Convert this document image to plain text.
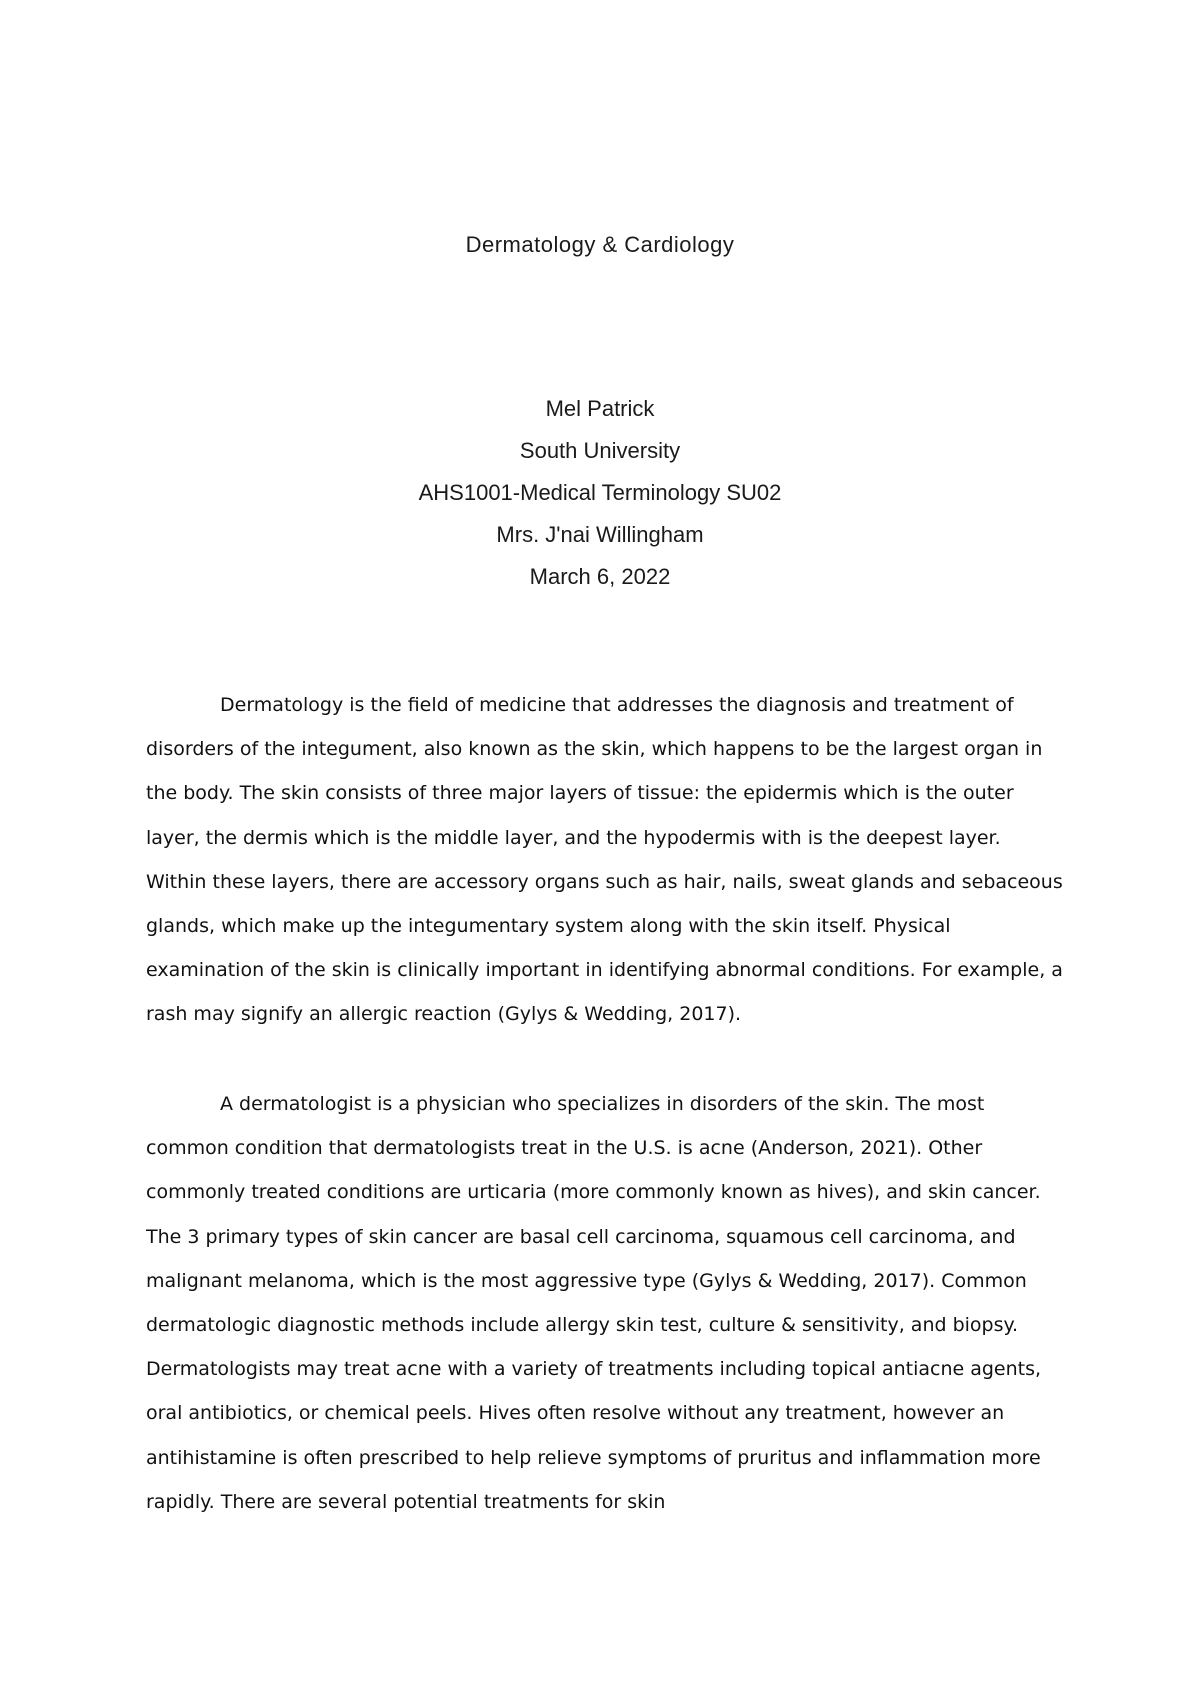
Dermatology & Cardiology
Mel Patrick
South University
AHS1001-Medical Terminology SU02
Mrs. J'nai Willingham
March 6, 2022

Dermatology is the field of medicine that addresses the diagnosis and treatment of disorders of the integument, also known as the skin, which happens to be the largest organ in the body. The skin consists of three major layers of tissue: the epidermis which is the outer layer, the dermis which is the middle layer, and the hypodermis with is the deepest layer. Within these layers, there are accessory organs such as hair, nails, sweat glands and sebaceous glands, which make up the integumentary system along with the skin itself. Physical examination of the skin is clinically important in identifying abnormal conditions. For example, a rash may signify an allergic reaction (Gylys & Wedding, 2017).

A dermatologist is a physician who specializes in disorders of the skin. The most common condition that dermatologists treat in the U.S. is acne (Anderson, 2021). Other commonly treated conditions are urticaria (more commonly known as hives), and skin cancer. The 3 primary types of skin cancer are basal cell carcinoma, squamous cell carcinoma, and malignant melanoma, which is the most aggressive type (Gylys & Wedding, 2017). Common dermatologic diagnostic methods include allergy skin test, culture & sensitivity, and biopsy. Dermatologists may treat acne with a variety of treatments including topical antiacne agents, oral antibiotics, or chemical peels. Hives often resolve without any treatment, however an antihistamine is often prescribed to help relieve symptoms of pruritus and inflammation more rapidly. There are several potential treatments for skin
